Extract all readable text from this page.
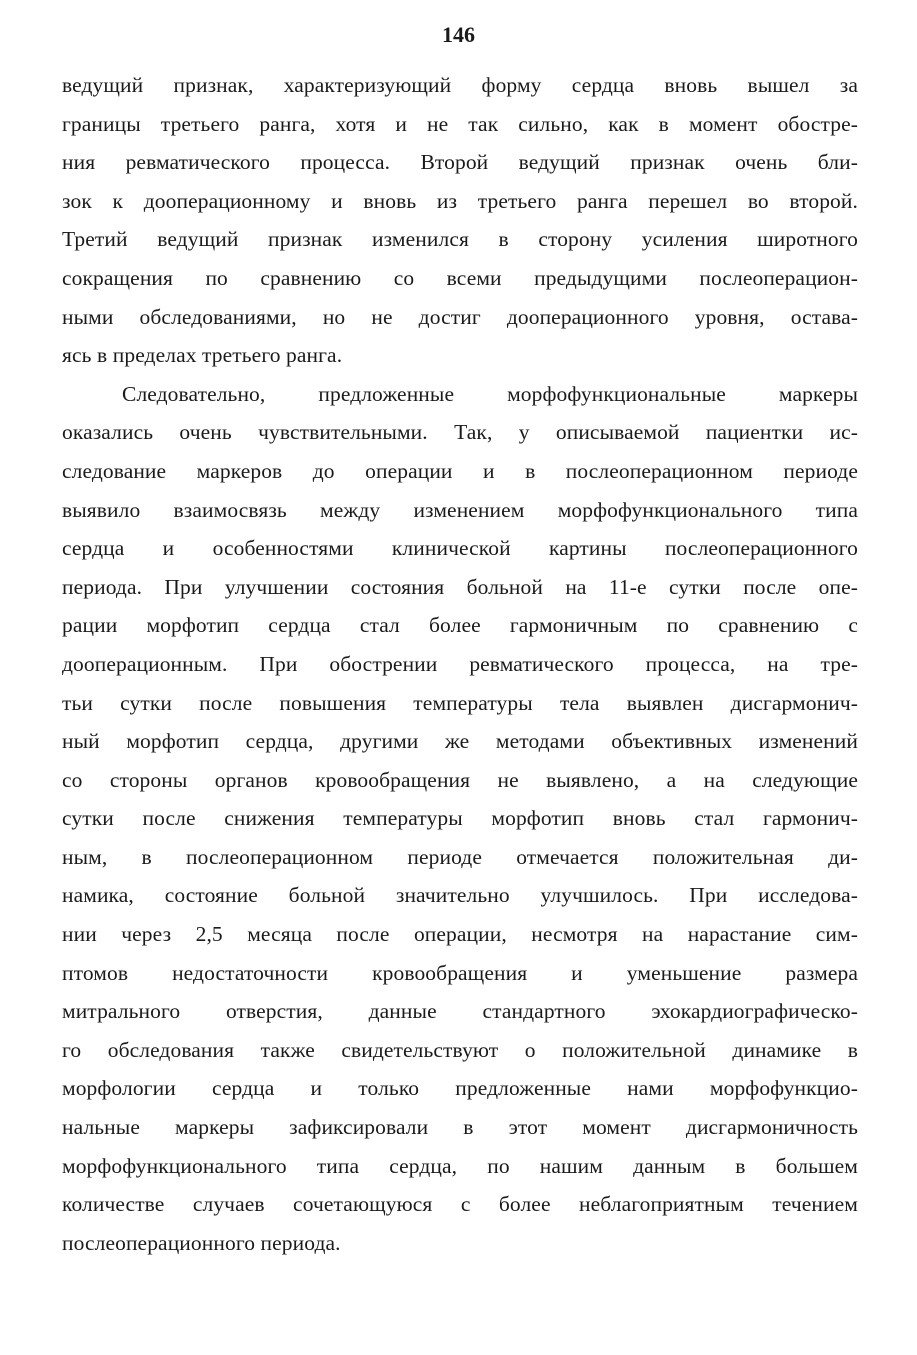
146
ведущий признак, характеризующий форму сердца вновь вышел за
границы третьего ранга, хотя и не так сильно, как в момент обостре-
ния ревматического процесса. Второй ведущий признак очень бли-
зок к дооперационному и вновь из третьего ранга перешел во второй.
Третий ведущий признак изменился в сторону усиления широтного
сокращения по сравнению со всеми предыдущими послеоперацион-
ными обследованиями, но не достиг дооперационного уровня, остава-
ясь в пределах третьего ранга.
Следовательно, предложенные морфофункциональные маркеры
оказались очень чувствительными. Так, у описываемой пациентки ис-
следование маркеров до операции и в послеоперационном периоде
выявило взаимосвязь между изменением морфофункционального типа
сердца и особенностями клинической картины послеоперационного
периода. При улучшении состояния больной на 11-е сутки после опе-
рации морфотип сердца стал более гармоничным по сравнению с
дооперационным. При обострении ревматического процесса, на тре-
тьи сутки после повышения температуры тела выявлен дисгармонич-
ный морфотип сердца, другими же методами объективных изменений
со стороны органов кровообращения не выявлено, а на следующие
сутки после снижения температуры морфотип вновь стал гармонич-
ным, в послеоперационном периоде отмечается положительная ди-
намика, состояние больной значительно улучшилось. При исследова-
нии через 2,5 месяца после операции, несмотря на нарастание сим-
птомов недостаточности кровообращения и уменьшение размера
митрального отверстия, данные стандартного эхокардиографическо-
го обследования также свидетельствуют о положительной динамике в
морфологии сердца и только предложенные нами морфофункцио-
нальные маркеры зафиксировали в этот момент дисгармоничность
морфофункционального типа сердца, по нашим данным в большем
количестве случаев сочетающуюся с более неблагоприятным течением
послеоперационного периода.
